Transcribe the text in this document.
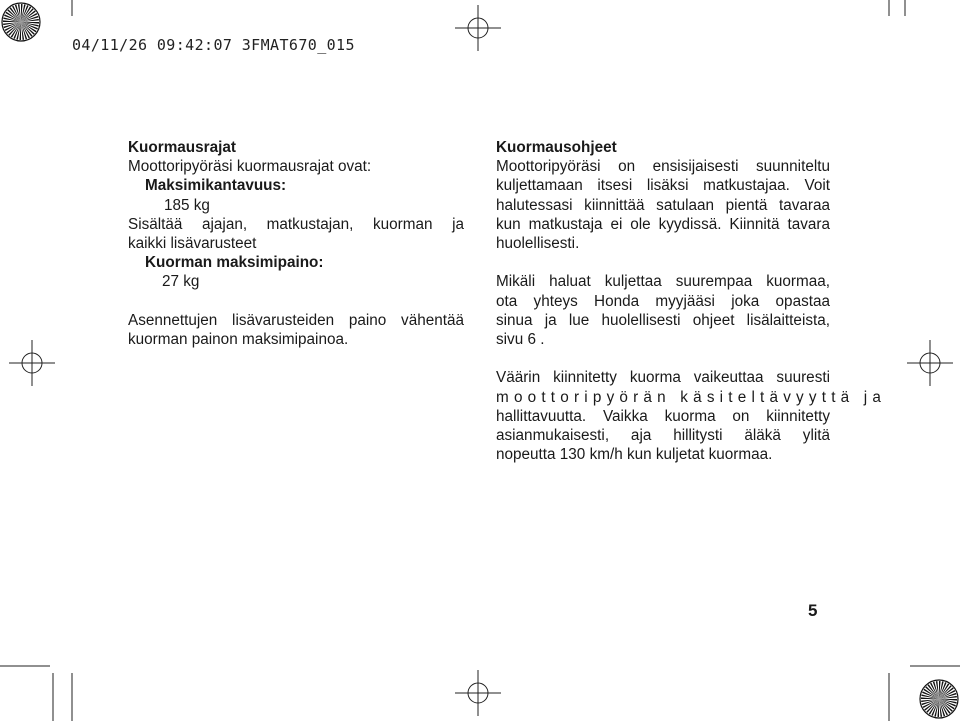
04/11/26 09:42:07 3FMAT670_015
Kuormausrajat
Moottoripyöräsi kuormausrajat ovat:
Maksimikantavuus:
185 kg
Sisältää ajajan, matkustajan, kuorman ja
kaikki lisävarusteet
Kuorman maksimipaino:
27 kg
Asennettujen lisävarusteiden paino vähentää
kuorman painon maksimipainoa.
Kuormausohjeet
Moottoripyöräsi on ensisijaisesti suunniteltu
kuljettamaan itsesi lisäksi matkustajaa. Voit
halutessasi kiinnittää satulaan pientä tavaraa
kun matkustaja ei ole kyydissä. Kiinnitä tavara
huolellisesti.
Mikäli haluat kuljettaa suurempaa kuormaa,
ota yhteys Honda myyjääsi joka opastaa
sinua ja lue huolellisesti ohjeet lisälaitteista,
sivu 6 .
Väärin kiinnitetty kuorma vaikeuttaa suuresti
moottoripyörän käsiteltävyyttä ja
hallittavuutta. Vaikka kuorma on kiinnitetty
asianmukaisesti, aja hillitysti äläkä ylitä
nopeutta 130 km/h kun kuljetat kuormaa.
5
